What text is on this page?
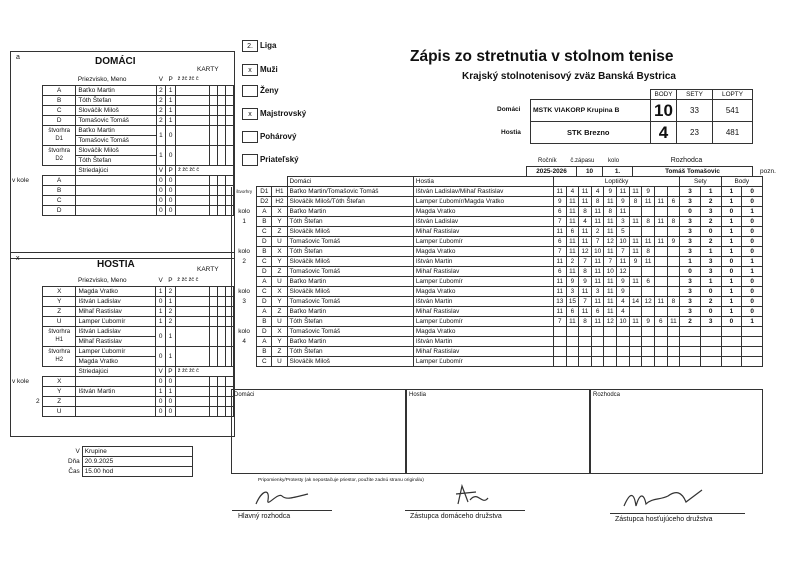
Zápis zo stretnutia v stolnom tenise
Krajský stolnotenisový zväz Banská Bystrica
2. Liga
x Muži
Ženy
x Majstrovský
Pohárový
Priateľský
		BODY	SETY	LOPTY
	MSTK VIAKORP Krupina B	10	33	541
	STK Brezno	4	23	481
Domáci
Hostia
Ročník č.zápasu kolo	Rozhodca
2025-2026	10	1.	Tomáš Tomašovic	pozn.
a	DOMÁCI
KARTY
	Priezvisko, Meno	V	P	ž žč žč č			
A	Baťko Martin	2	1				
B	Tóth Štefan	2	1				
C	Slováčik Miloš	2	1				
D	Tomašovic Tomáš	2	1				
štvorhra D1	Baťko Martin	1	0				
	Tomašovic Tomáš						
štvorhra D2	Slováčik Miloš	1	0				
	Tóth Štefan						
	Striedajúci	V	P	ž žč žč č			
A		0	0				
B		0	0				
C		0	0				
D		0	0				
v kole
x
HOSTIA	KARTY
	Priezvisko, Meno	V	P	ž žč žč č			
X	Magda Vratko	1	2				
Y	Ištván Ladislav	0	1				
Z	Mihaľ Rastislav	1	2				
U	Lamper Ľubomír	1	2				
štvorhra H1	Ištván Ladislav	0	1				
	Mihaľ Rastislav						
štvorhra H2	Lamper Ľubomír	0	1				
	Magda Vratko						
	Striedajúci	V	P	ž žč žč č			
X		0	0				
Y	Ištván Martin	1	1				
Z		0	0				
U		0	0				
v kole
V	Krupine
Dňa	20.9.2025
Čas	15.00 hod
			Domáci	Hostia	Loptičky										Sety		Body	
štvorhry	D1	H1	Baťko Martin/Tomašovic Tomáš	Ištván Ladislav/Mihaľ Rastislav	11	4	11	4	9	11	11	9			3	1	1	0
	D2	H2	Slováčik Miloš/Tóth Štefan	Lamper Ľubomír/Magda Vratko	9	11	11	8	11	9	8	11	11	6	3	2	1	0
kolo	A	X	Baťko Martin	Magda Vratko	6	11	8	11	8	11					0	3	0	1
1	B	Y	Tóth Štefan	Ištván Ladislav	7	11	4	11	11	3	11	8	11	8	3	2	1	0
	C	Z	Slováčik Miloš	Mihaľ Rastislav	11	6	11	2	11	5					3	0	1	0
	D	U	Tomašovic Tomáš	Lamper Ľubomír	6	11	11	7	12	10	11	11	11	9	3	2	1	0
kolo	B	X	Tóth Štefan	Magda Vratko	7	11	12	10	11	7	11	8			3	1	1	0
2	C	Y	Slováčik Miloš	Ištván Martin	11	2	7	11	7	11	9	11			1	3	0	1
	D	Z	Tomašovic Tomáš	Mihaľ Rastislav	6	11	8	11	10	12					0	3	0	1
	A	U	Baťko Martin	Lamper Ľubomír	11	9	9	11	11	9	11	6			3	1	1	0
kolo	C	X	Slováčik Miloš	Magda Vratko	11	3	11	3	11	9					3	0	1	0
3	D	Y	Tomašovic Tomáš	Ištván Martin	13	15	7	11	11	4	14	12	11	8	3	2	1	0
	A	Z	Baťko Martin	Mihaľ Rastislav	11	6	11	6	11	4					3	0	1	0
	B	U	Tóth Štefan	Lamper Ľubomír	7	11	8	11	12	10	11	9	6	11	2	3	0	1
kolo	D	X	Tomašovic Tomáš	Magda Vratko														
4	A	Y	Baťko Martin	Ištván Martin														
	B	Z	Tóth Štefan	Mihaľ Rastislav														
	C	U	Slováčik Miloš	Lamper Ľubomír														
Domáci	Hostia	Rozhodca
Pripomienky/Protesty (ak nepostačuje priestor, použite zadnú stranu originálu)
Hlavný rozhodca	Zástupca domáceho družstva	Zástupca hosťujúceho družstva
2
